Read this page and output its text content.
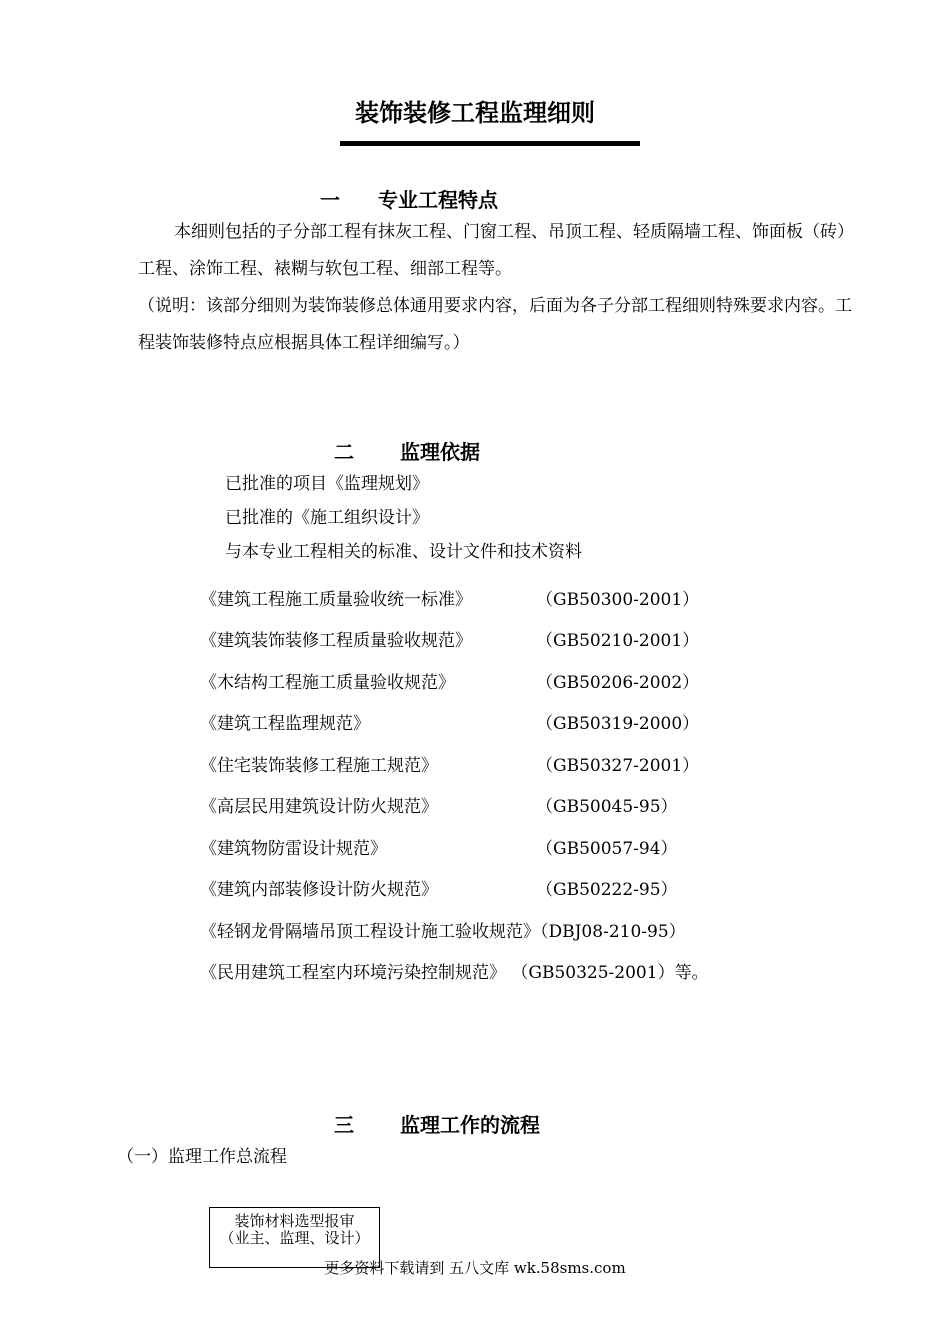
装饰装修工程监理细则
一 专业工程特点
本细则包括的子分部工程有抹灰工程、门窗工程、吊顶工程、轻质隔墙工程、饰面板（砖）工程、涂饰工程、裱糊与软包工程、细部工程等。
（说明：该部分细则为装饰装修总体通用要求内容，后面为各子分部工程细则特殊要求内容。工程装饰装修特点应根据具体工程详细编写。）
二 监理依据
已批准的项目《监理规划》
已批准的《施工组织设计》
与本专业工程相关的标准、设计文件和技术资料
《建筑工程施工质量验收统一标准》	（GB50300-2001）
《建筑装饰装修工程质量验收规范》	（GB50210-2001）
《木结构工程施工质量验收规范》	（GB50206-2002）
《建筑工程监理规范》	（GB50319-2000）
《住宅装饰装修工程施工规范》	（GB50327-2001）
《高层民用建筑设计防火规范》	（GB50045-95）
《建筑物防雷设计规范》	（GB50057-94）
《建筑内部装修设计防火规范》	（GB50222-95）
《轻钢龙骨隔墙吊顶工程设计施工验收规范》（DBJ08-210-95）
《民用建筑工程室内环境污染控制规范》 （GB50325-2001）等。
三 监理工作的流程
（一）监理工作总流程
装饰材料选型报审
（业主、监理、设计）
更多资料下载请到 五八文库 wk.58sms.com
